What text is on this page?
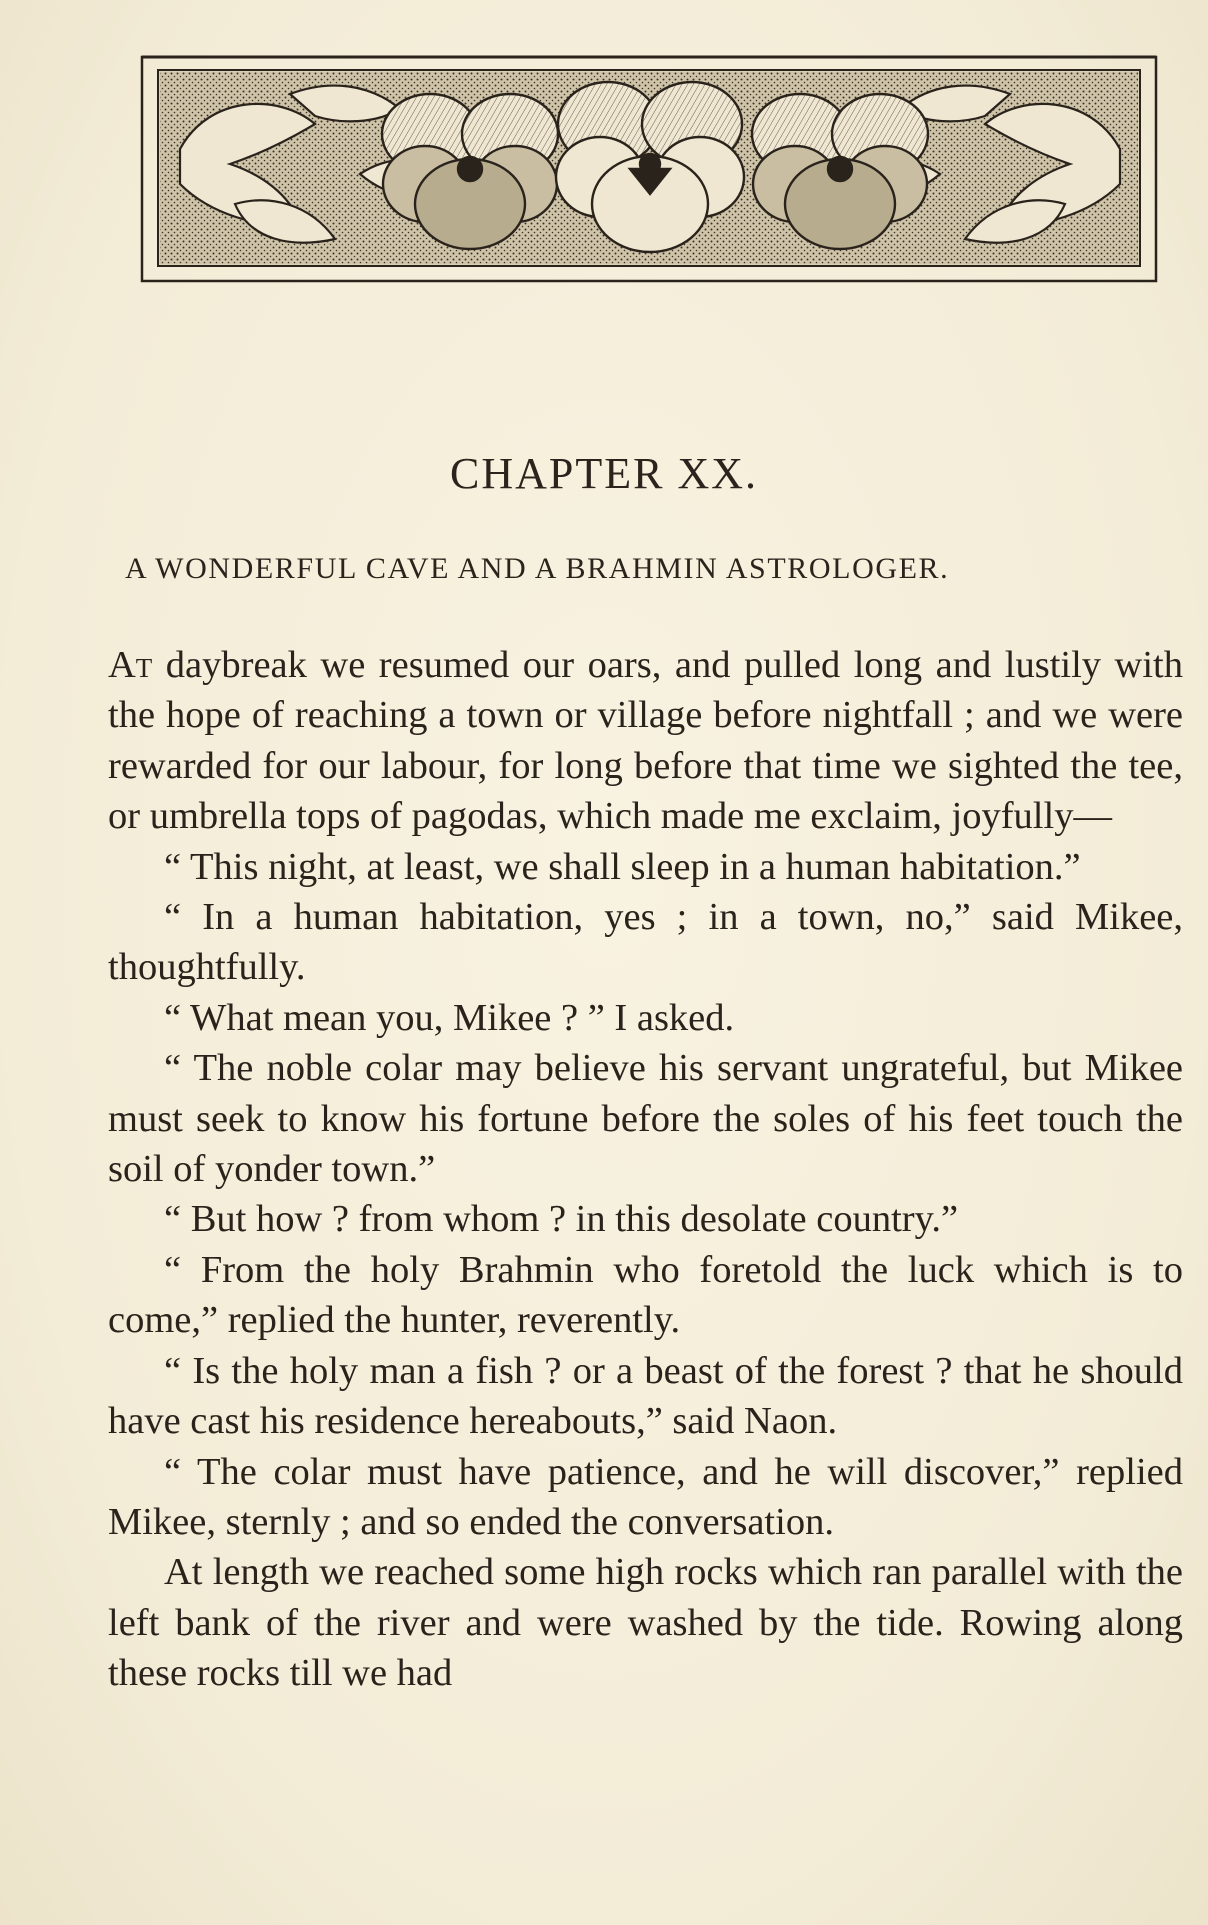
CHAPTER XX.
A WONDERFUL CAVE AND A BRAHMIN ASTROLOGER.

At daybreak we resumed our oars, and pulled long and lustily with the hope of reaching a town or village before nightfall ; and we were rewarded for our labour, for long before that time we sighted the tee, or umbrella tops of pagodas, which made me exclaim, joyfully—

“ This night, at least, we shall sleep in a human habitation.”

“ In a human habitation, yes ; in a town, no,” said Mikee, thoughtfully.

“ What mean you, Mikee ? ” I asked.

“ The noble colar may believe his servant ungrateful, but Mikee must seek to know his fortune before the soles of his feet touch the soil of yonder town.”

“ But how ? from whom ? in this desolate country.”

“ From the holy Brahmin who foretold the luck which is to come,” replied the hunter, reverently.

“ Is the holy man a fish ? or a beast of the forest ? that he should have cast his residence hereabouts,” said Naon.

“ The colar must have patience, and he will discover,” replied Mikee, sternly ; and so ended the conversation.

At length we reached some high rocks which ran parallel with the left bank of the river and were washed by the tide. Rowing along these rocks till we had
